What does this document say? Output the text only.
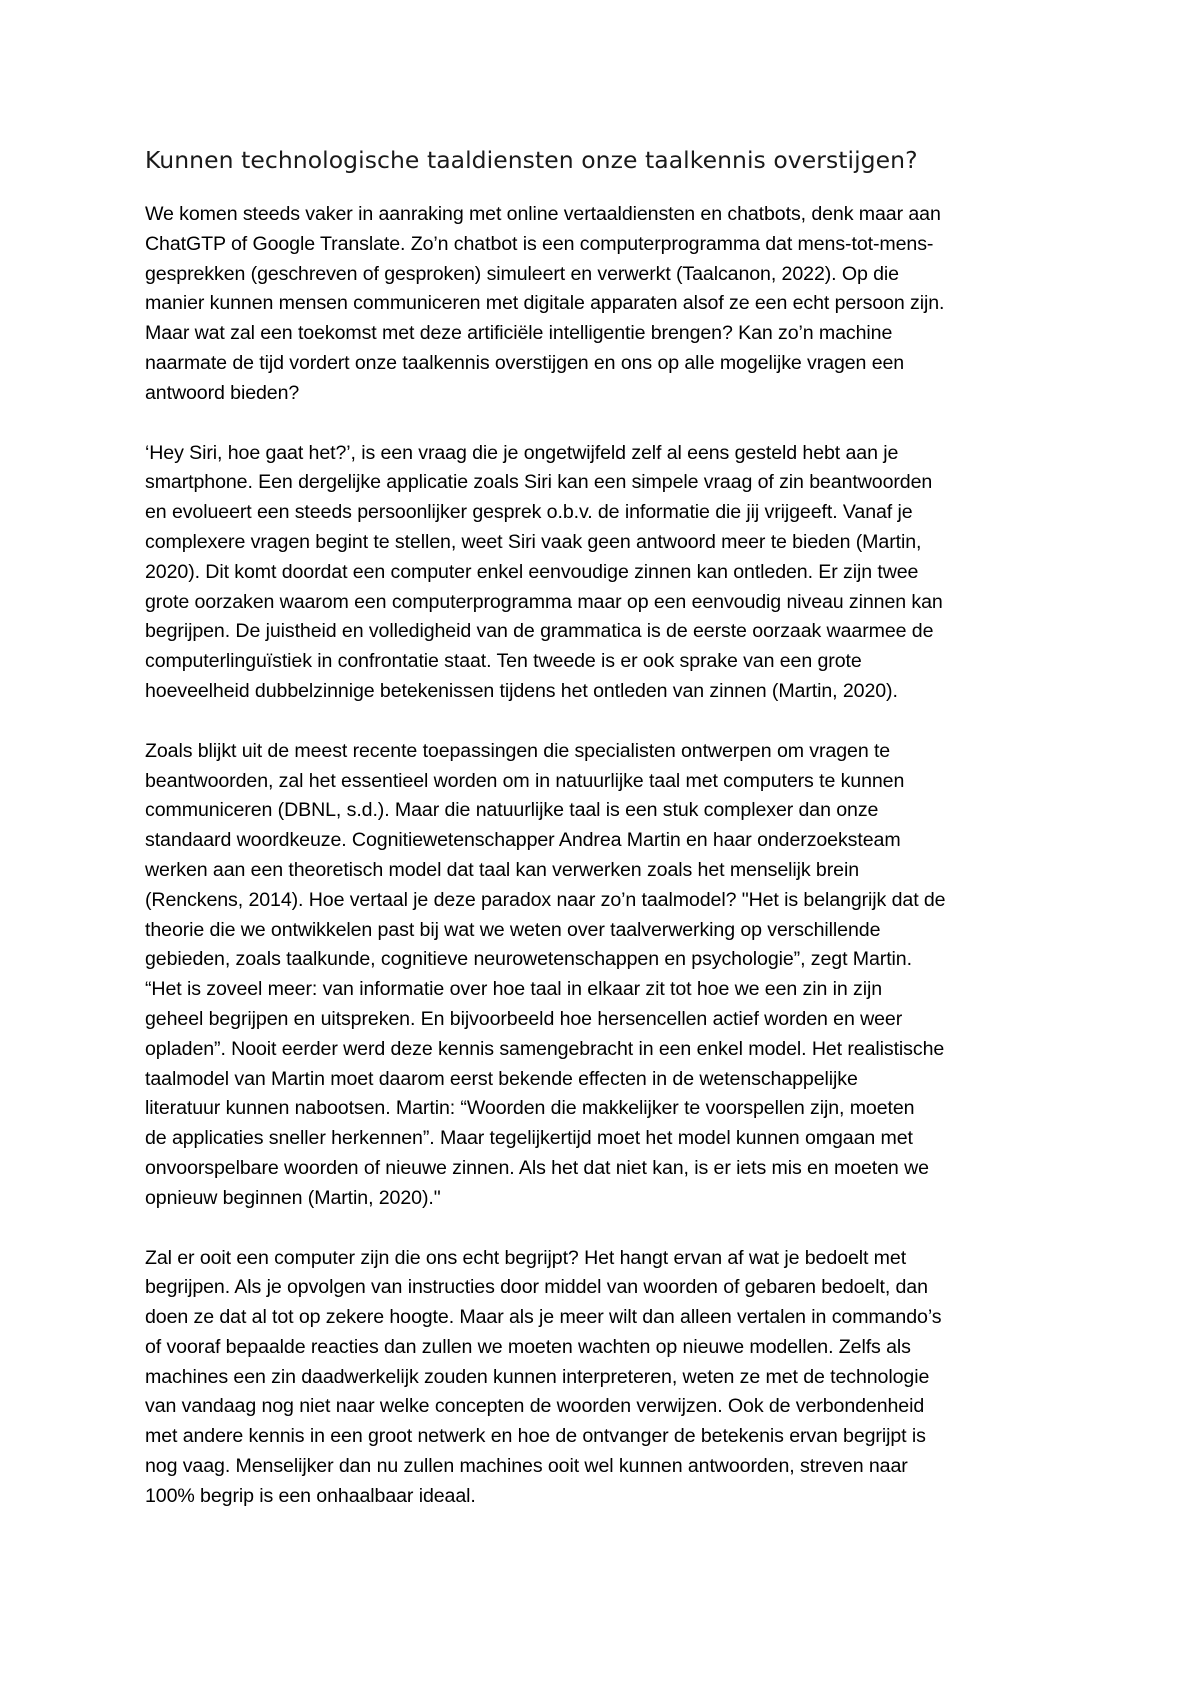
Kunnen technologische taaldiensten onze taalkennis overstijgen?

We komen steeds vaker in aanraking met online vertaaldiensten en chatbots, denk maar aan
ChatGTP of Google Translate. Zo’n chatbot is een computerprogramma dat mens-tot-mens-
gesprekken (geschreven of gesproken) simuleert en verwerkt (Taalcanon, 2022). Op die
manier kunnen mensen communiceren met digitale apparaten alsof ze een echt persoon zijn.
Maar wat zal een toekomst met deze artificiële intelligentie brengen? Kan zo’n machine
naarmate de tijd vordert onze taalkennis overstijgen en ons op alle mogelijke vragen een
antwoord bieden?

‘Hey Siri, hoe gaat het?’, is een vraag die je ongetwijfeld zelf al eens gesteld hebt aan je
smartphone. Een dergelijke applicatie zoals Siri kan een simpele vraag of zin beantwoorden
en evolueert een steeds persoonlijker gesprek o.b.v. de informatie die jij vrijgeeft. Vanaf je
complexere vragen begint te stellen, weet Siri vaak geen antwoord meer te bieden (Martin,
2020). Dit komt doordat een computer enkel eenvoudige zinnen kan ontleden. Er zijn twee
grote oorzaken waarom een computerprogramma maar op een eenvoudig niveau zinnen kan
begrijpen. De juistheid en volledigheid van de grammatica is de eerste oorzaak waarmee de
computerlinguïstiek in confrontatie staat. Ten tweede is er ook sprake van een grote
hoeveelheid dubbelzinnige betekenissen tijdens het ontleden van zinnen (Martin, 2020).

Zoals blijkt uit de meest recente toepassingen die specialisten ontwerpen om vragen te
beantwoorden, zal het essentieel worden om in natuurlijke taal met computers te kunnen
communiceren (DBNL, s.d.). Maar die natuurlijke taal is een stuk complexer dan onze
standaard woordkeuze. Cognitiewetenschapper Andrea Martin en haar onderzoeksteam
werken aan een theoretisch model dat taal kan verwerken zoals het menselijk brein
(Renckens, 2014). Hoe vertaal je deze paradox naar zo’n taalmodel? "Het is belangrijk dat de
theorie die we ontwikkelen past bij wat we weten over taalverwerking op verschillende
gebieden, zoals taalkunde, cognitieve neurowetenschappen en psychologie”, zegt Martin.
“Het is zoveel meer: van informatie over hoe taal in elkaar zit tot hoe we een zin in zijn
geheel begrijpen en uitspreken. En bijvoorbeeld hoe hersencellen actief worden en weer
opladen”. Nooit eerder werd deze kennis samengebracht in een enkel model. Het realistische
taalmodel van Martin moet daarom eerst bekende effecten in de wetenschappelijke
literatuur kunnen nabootsen. Martin: “Woorden die makkelijker te voorspellen zijn, moeten
de applicaties sneller herkennen”. Maar tegelijkertijd moet het model kunnen omgaan met
onvoorspelbare woorden of nieuwe zinnen. Als het dat niet kan, is er iets mis en moeten we
opnieuw beginnen (Martin, 2020)."

Zal er ooit een computer zijn die ons echt begrijpt? Het hangt ervan af wat je bedoelt met
begrijpen. Als je opvolgen van instructies door middel van woorden of gebaren bedoelt, dan
doen ze dat al tot op zekere hoogte. Maar als je meer wilt dan alleen vertalen in commando’s
of vooraf bepaalde reacties dan zullen we moeten wachten op nieuwe modellen. Zelfs als
machines een zin daadwerkelijk zouden kunnen interpreteren, weten ze met de technologie
van vandaag nog niet naar welke concepten de woorden verwijzen. Ook de verbondenheid
met andere kennis in een groot netwerk en hoe de ontvanger de betekenis ervan begrijpt is
nog vaag. Menselijker dan nu zullen machines ooit wel kunnen antwoorden, streven naar
100% begrip is een onhaalbaar ideaal.
